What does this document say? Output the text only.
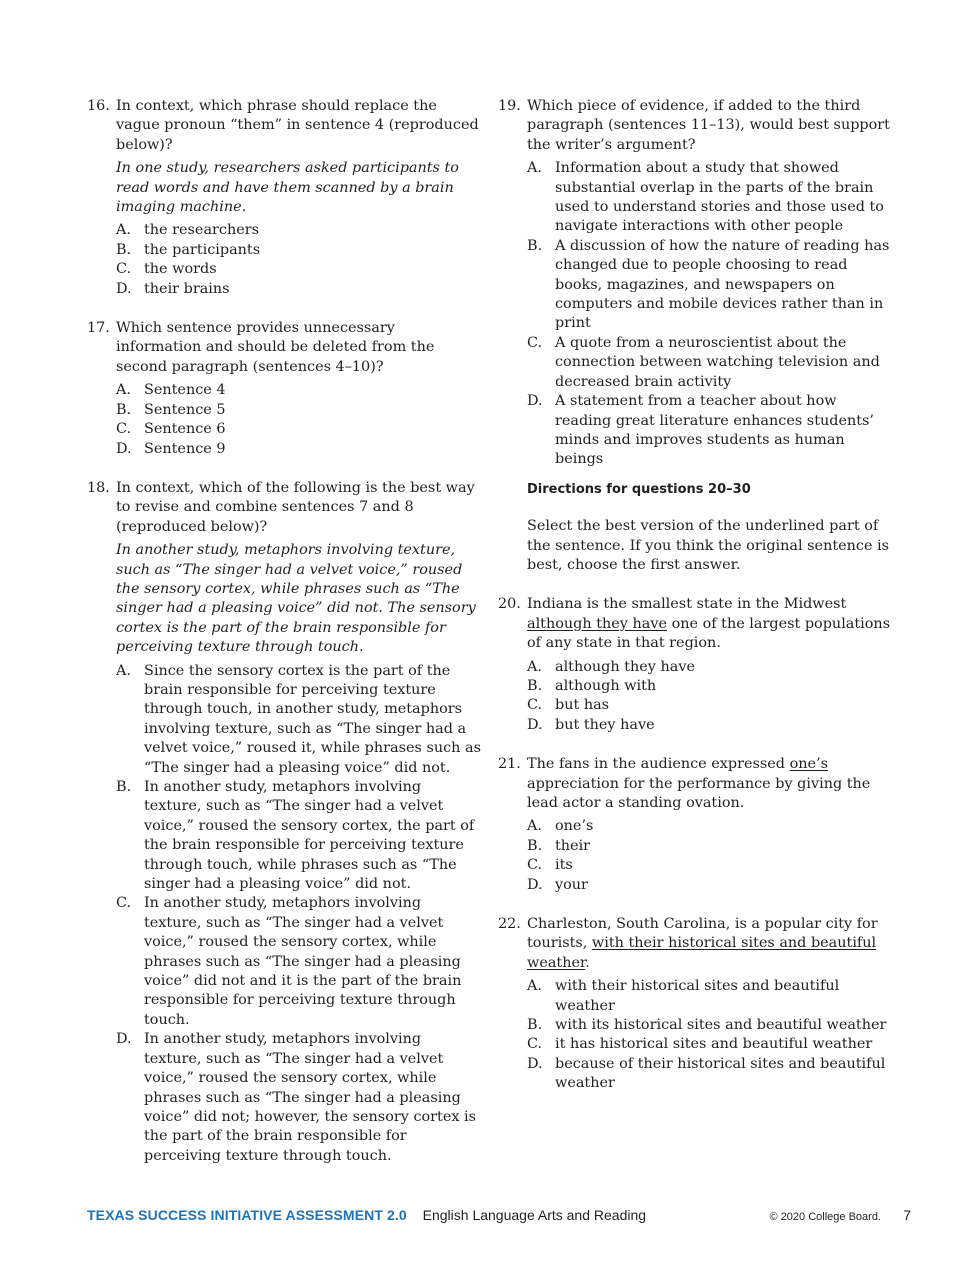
16. In context, which phrase should replace the vague pronoun “them” in sentence 4 (reproduced below)?

In one study, researchers asked participants to read words and have them scanned by a brain imaging machine.

A. the researchers
B. the participants
C. the words
D. their brains
17. Which sentence provides unnecessary information and should be deleted from the second paragraph (sentences 4–10)?

A. Sentence 4
B. Sentence 5
C. Sentence 6
D. Sentence 9
18. In context, which of the following is the best way to revise and combine sentences 7 and 8 (reproduced below)?

In another study, metaphors involving texture, such as “The singer had a velvet voice,” roused the sensory cortex, while phrases such as “The singer had a pleasing voice” did not. The sensory cortex is the part of the brain responsible for perceiving texture through touch.

A. Since the sensory cortex is the part of the brain responsible for perceiving texture through touch, in another study, metaphors involving texture, such as “The singer had a velvet voice,” roused it, while phrases such as “The singer had a pleasing voice” did not.
B. In another study, metaphors involving texture, such as “The singer had a velvet voice,” roused the sensory cortex, the part of the brain responsible for perceiving texture through touch, while phrases such as “The singer had a pleasing voice” did not.
C. In another study, metaphors involving texture, such as “The singer had a velvet voice,” roused the sensory cortex, while phrases such as “The singer had a pleasing voice” did not and it is the part of the brain responsible for perceiving texture through touch.
D. In another study, metaphors involving texture, such as “The singer had a velvet voice,” roused the sensory cortex, while phrases such as “The singer had a pleasing voice” did not; however, the sensory cortex is the part of the brain responsible for perceiving texture through touch.
19. Which piece of evidence, if added to the third paragraph (sentences 11–13), would best support the writer’s argument?

A. Information about a study that showed substantial overlap in the parts of the brain used to understand stories and those used to navigate interactions with other people
B. A discussion of how the nature of reading has changed due to people choosing to read books, magazines, and newspapers on computers and mobile devices rather than in print
C. A quote from a neuroscientist about the connection between watching television and decreased brain activity
D. A statement from a teacher about how reading great literature enhances students’ minds and improves students as human beings
Directions for questions 20–30

Select the best version of the underlined part of the sentence. If you think the original sentence is best, choose the first answer.

20. Indiana is the smallest state in the Midwest although they have one of the largest populations of any state in that region.

A. although they have
B. although with
C. but has
D. but they have
21. The fans in the audience expressed one’s appreciation for the performance by giving the lead actor a standing ovation.

A. one’s
B. their
C. its
D. your
22. Charleston, South Carolina, is a popular city for tourists, with their historical sites and beautiful weather.

A. with their historical sites and beautiful weather
B. with its historical sites and beautiful weather
C. it has historical sites and beautiful weather
D. because of their historical sites and beautiful weather
TEXAS SUCCESS INITIATIVE ASSESSMENT 2.0 English Language Arts and Reading	© 2020 College Board. 7
